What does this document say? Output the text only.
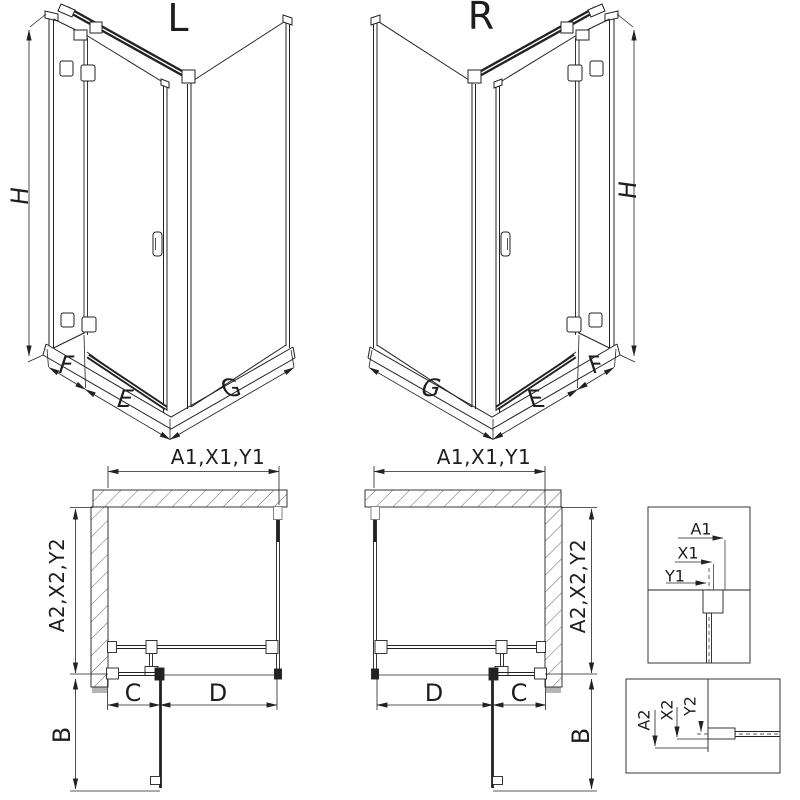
L	R
H	H
F
E	G	G	E
F
A1,X1,Y1	A1,X1,Y1
A2,X2,Y2	A2,X2,Y2
C	D
B
D	C
B
A1
X1
Y1
A2 X2 Y2
